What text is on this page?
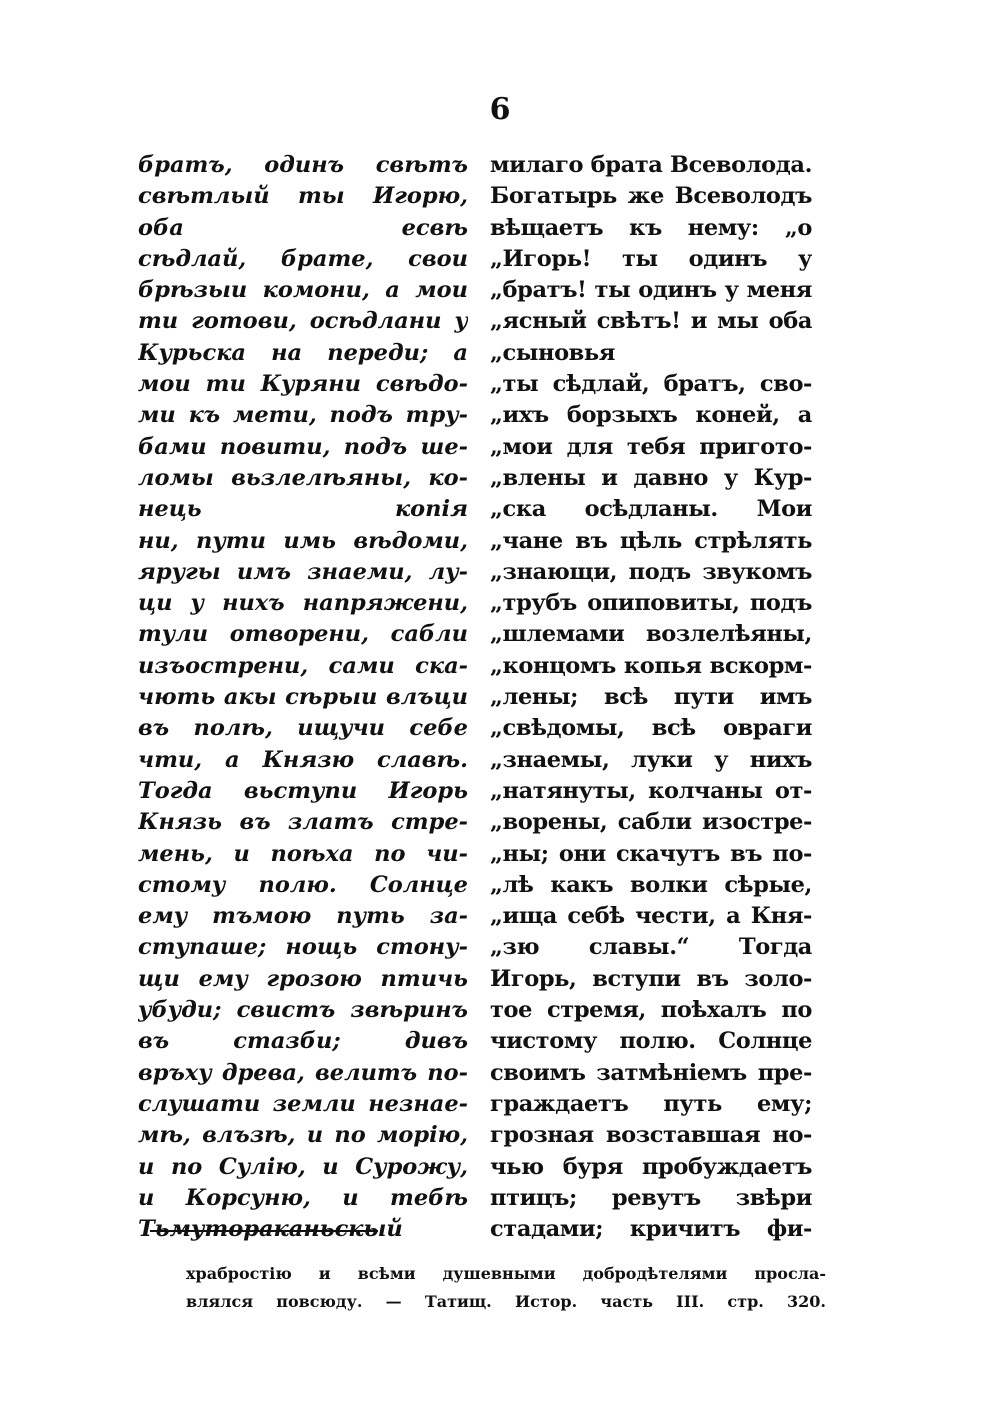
6
братъ, одинъ свѣтъ
свѣтлый ты Игорю,
оба есвѣ
сѣдлай, брате, свои
брѣзыи комони, а мои
ти готови, осѣдлани у
Курьска на переди; а
мои ти Куряни свѣдо-
ми къ мети, подъ тру-
бами повити, подъ ше-
ломы вьзлелѣяны, ко-
нець копія
ни, пути имь вѣдоми,
яругы имъ знаеми, лу-
ци у нихъ напряжени,
тули отворени, сабли
изъострени, сами ска-
чють акы сѣрыи влъци
въ полѣ, ищучи себе
чти, а Князю славѣ.
Тогда вьступи Игорь
Князь въ златъ стре-
мень, и поѣха по чи-
стому полю. Солнце
ему тъмою путь за-
ступаше; нощь стону-
щи ему грозою птичь
убуди; свистъ звѣринъ
въ стазби; дивъ
връху древа, велитъ по-
слушати земли незнае-
мѣ, влъзѣ, и по морію,
и по Сулію, и Сурожу,
и Корсуню, и тебѣ
Тьмутораканьскый
милаго брата Всеволода.
Богатырь же Всеволодъ
вѣщаетъ къ нему: „о
„Игорь! ты одинъ у
„братъ! ты одинъ у меня
„ясный свѣтъ! и мы оба
„сыновья
„ты сѣдлай, братъ, сво-
„ихъ борзыхъ коней, а
„мои для тебя пригото-
„влены и давно у Кур-
„ска осѣдланы. Мои
„чане въ цѣль стрѣлять
„знающи, подъ звукомъ
„трубъ опиповиты, подъ
„шлемами возлелѣяны,
„концомъ копья вскорм-
„лены; всѣ пути имъ
„свѣдомы, всѣ овраги
„знаемы, луки у нихъ
„натянуты, колчаны от-
„ворены, сабли изостре-
„ны; они скачутъ въ по-
„лѣ какъ волки сѣрые,
„ища себѣ чести, а Кня-
„зю славы.“ Тогда
Игорь, вступи въ золо-
тое стремя, поѣхалъ по
чистому полю. Солнце
своимъ затмѣніемъ пре-
граждаетъ путь ему;
грозная возставшая но-
чью буря пробуждаетъ
птицъ; ревутъ звѣри
стадами; кричитъ фи-
храбростію и всѣми душевными добродѣтелями просла-
влялся повсюду. — Татищ. Истор. часть III. стр. 320.
